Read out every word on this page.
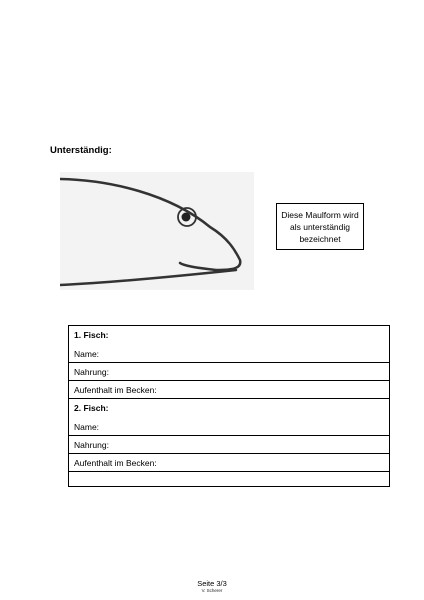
Unterständig:
Diese Maulform wird
als unterständig
bezeichnet
1. Fisch:
Name:
Nahrung:
Aufenthalt im Becken:
2. Fisch:
Name:
Nahrung:
Aufenthalt im Becken:
Seite 3/3
V. Scherer
